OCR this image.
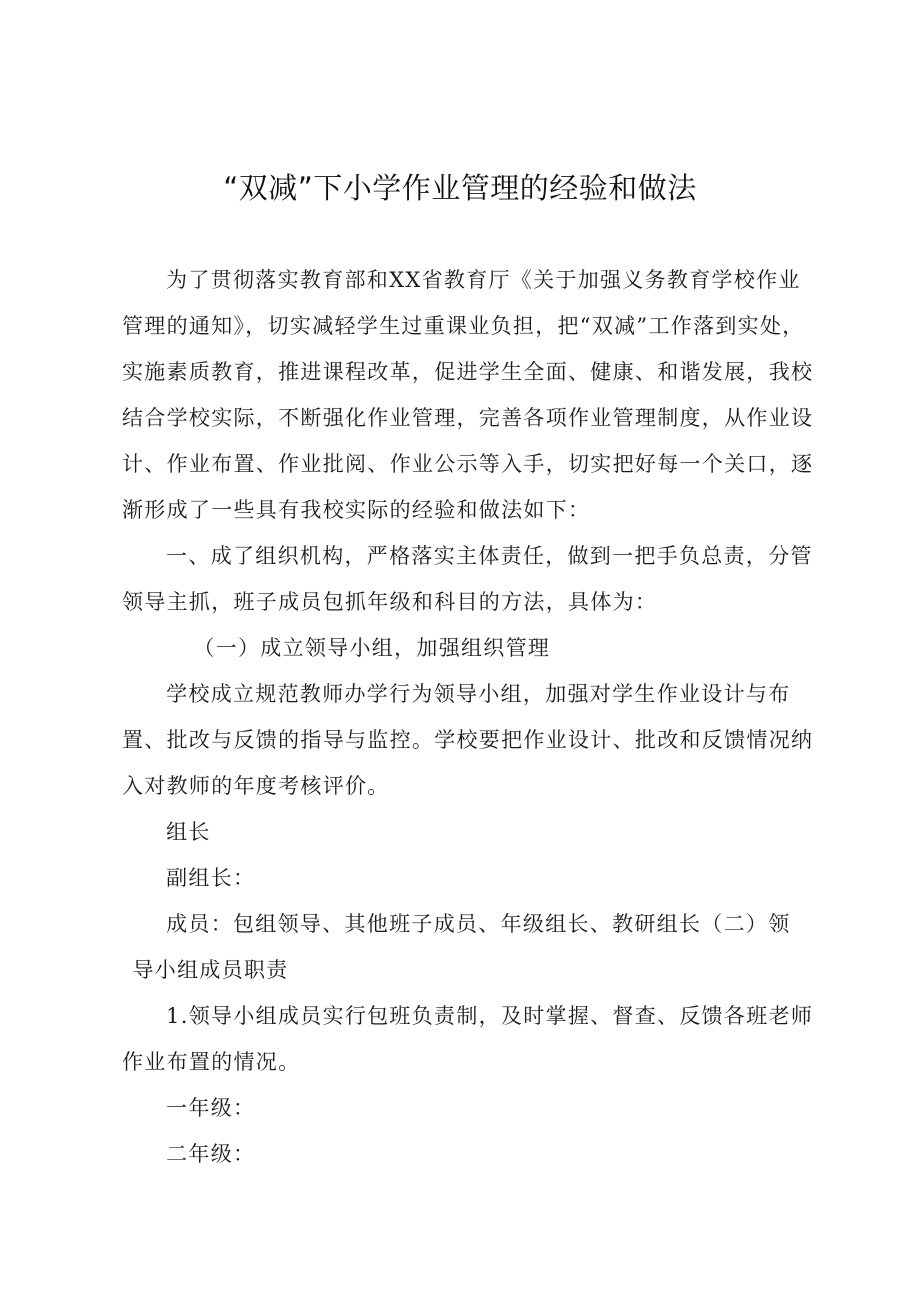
“双减”下小学作业管理的经验和做法

为了贯彻落实教育部和XX省教育厅《关于加强义务教育学校作业管理的通知》，切实减轻学生过重课业负担，把“双减”工作落到实处，实施素质教育，推进课程改革，促进学生全面、健康、和谐发展，我校结合学校实际，不断强化作业管理，完善各项作业管理制度，从作业设计、作业布置、作业批阅、作业公示等入手，切实把好每一个关口，逐渐形成了一些具有我校实际的经验和做法如下：

一、成了组织机构，严格落实主体责任，做到一把手负总责，分管领导主抓，班子成员包抓年级和科目的方法，具体为：

（一）成立领导小组，加强组织管理

学校成立规范教师办学行为领导小组，加强对学生作业设计与布置、批改与反馈的指导与监控。学校要把作业设计、批改和反馈情况纳入对教师的年度考核评价。

组长

副组长：

成员：包组领导、其他班子成员、年级组长、教研组长（二）领
导小组成员职责

1.领导小组成员实行包班负责制，及时掌握、督查、反馈各班老师作业布置的情况。

一年级：

二年级：
